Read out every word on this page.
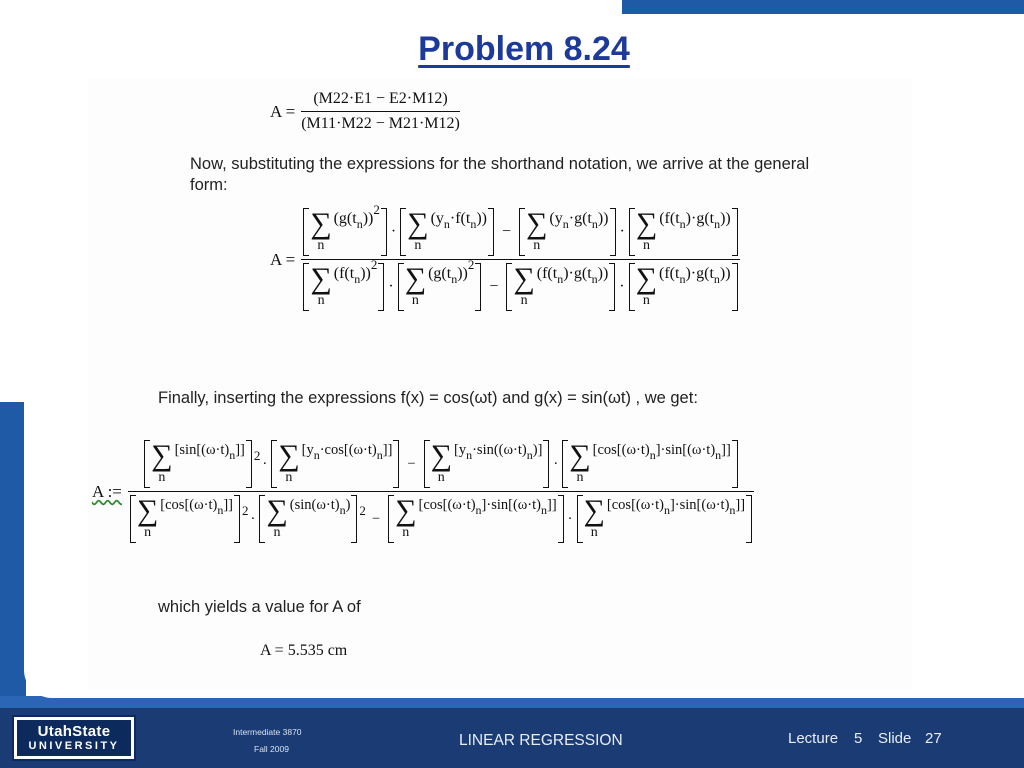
Problem 8.24
$A = \frac{(M22\cdot E1 - E2\cdot M12)}{(M11\cdot M22 - M21\cdot M12)}$
Now, substituting the expressions for the shorthand notation, we arrive at the general
form:
A =
∑
n
$(g(t_n))$
2
· ∑
n
$(y_n\cdot f(t_n))$
− ∑
n
$(y_n\cdot g(t_n))$
· ∑
n
$(f(t_n)\cdot g(t_n))$
∑
n
$(f(t_n))$
2
· ∑
n
$(g(t_n))$
2
− ∑
n
$(f(t_n)\cdot g(t_n))$
· ∑
n
$(f(t_n)\cdot g(t_n))$
Finally, inserting the expressions f(x) = cos(ωt) and g(x) = sin(ωt) , we get:
A :=
∑
n
$[\sin[(\omega\cdot t)_n]] 2$ · ∑
n
$[y_n\cdot\cos[(\omega\cdot t)_n]]$
− ∑
n
$[y_n\cdot\sin((\omega\cdot t)_n)]$
· ∑
n
$[\cos[(\omega\cdot t)_n]\cdot\sin[(\omega\cdot t)_n]]$
∑
n
$[\cos[(\omega\cdot t)_n]] 2$ · ∑
n
$(\sin(\omega\cdot t)_n) 2$ − ∑
n
$[\cos[(\omega\cdot t)_n]\cdot\sin[(\omega\cdot t)_n]]$
· ∑
n
$[\cos[(\omega\cdot t)_n]\cdot\sin[(\omega\cdot t)_n]]$
which yields a value for A of
A = 5.535 cm
UtahState
UNIVERSITY
Intermediate 3870
Fall 2009	LINEAR REGRESSION	Lecture 5 Slide 27
